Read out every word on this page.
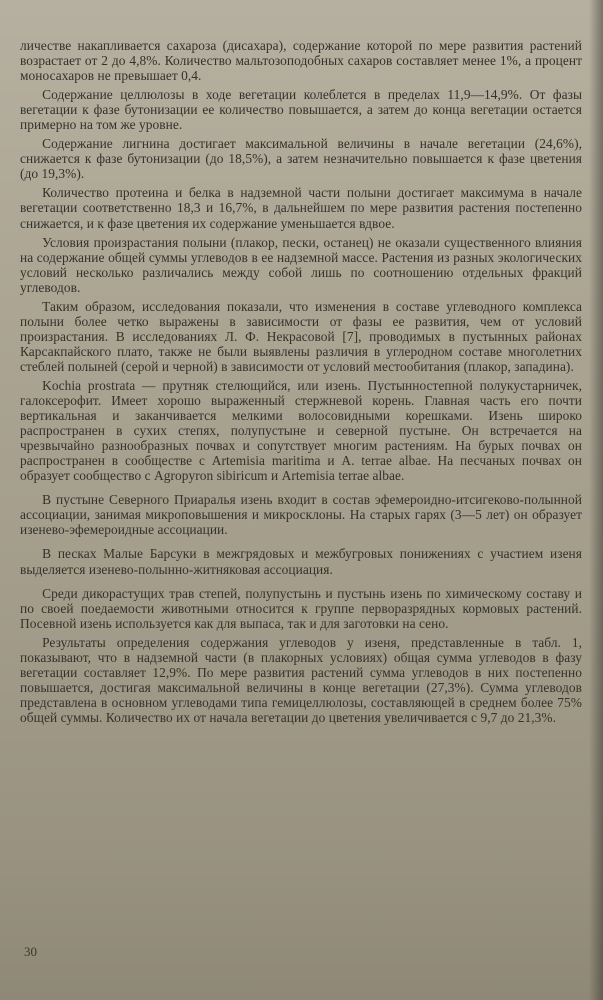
личестве накапливается сахароза (дисахара), содержание которой по мере развития растений возрастает от 2 до 4,8%. Количество мальтозоподобных сахаров составляет менее 1%, а процент моносахаров не превышает 0,4.

Содержание целлюлозы в ходе вегетации колеблется в пределах 11,9—14,9%. От фазы вегетации к фазе бутонизации ее количество повышается, а затем до конца вегетации остается примерно на том же уровне.

Содержание лигнина достигает максимальной величины в начале вегетации (24,6%), снижается к фазе бутонизации (до 18,5%), а затем незначительно повышается к фазе цветения (до 19,3%).

Количество протеина и белка в надземной части полыни достигает максимума в начале вегетации соответственно 18,3 и 16,7%, в дальнейшем по мере развития растения постепенно снижается, и к фазе цветения их содержание уменьшается вдвое.

Условия произрастания полыни (плакор, пески, останец) не оказали существенного влияния на содержание общей суммы углеводов в ее надземной массе. Растения из разных экологических условий несколько различались между собой лишь по соотношению отдельных фракций углеводов.

Таким образом, исследования показали, что изменения в составе углеводного комплекса полыни более четко выражены в зависимости от фазы ее развития, чем от условий произрастания. В исследованиях Л. Ф. Некрасовой [7], проводимых в пустынных районах Карсакпайского плато, также не были выявлены различия в углеродном составе многолетних стеблей полыней (серой и черной) в зависимости от условий местообитания (плакор, западина).

Kochia prostrata — прутняк стелющийся, или изень. Пустынностепной полукустарничек, галоксерофит. Имеет хорошо выраженный стержневой корень. Главная часть его почти вертикальная и заканчивается мелкими волосовидными корешками. Изень широко распространен в сухих степях, полупустыне и северной пустыне. Он встречается на чрезвычайно разнообразных почвах и сопутствует многим растениям. На бурых почвах он распространен в сообществе с Artemisia maritima и A. terrae albae. На песчаных почвах он образует сообщество с Agropyron sibiricum и Artemisia terrae albae.

В пустыне Северного Приаралья изень входит в состав эфемероидно-итсигеково-полынной ассоциации, занимая микроповышения и микросклоны. На старых гарях (3—5 лет) он образует изенево-эфемероидные ассоциации.

В песках Малые Барсуки в межгрядовых и межбугровых понижениях с участием изеня выделяется изенево-полынно-житняковая ассоциация.

Среди дикорастущих трав степей, полупустынь и пустынь изень по химическому составу и по своей поедаемости животными относится к группе перворазрядных кормовых растений. Посевной изень используется как для выпаса, так и для заготовки на сено.

Результаты определения содержания углеводов у изеня, представленные в табл. 1, показывают, что в надземной части (в плакорных условиях) общая сумма углеводов в фазу вегетации составляет 12,9%. По мере развития растений сумма углеводов в них постепенно повышается, достигая максимальной величины в конце вегетации (27,3%). Сумма углеводов представлена в основном углеводами типа гемицеллюлозы, составляющей в среднем более 75% общей суммы. Количество их от начала вегетации до цветения увеличивается с 9,7 до 21,3%.

30
